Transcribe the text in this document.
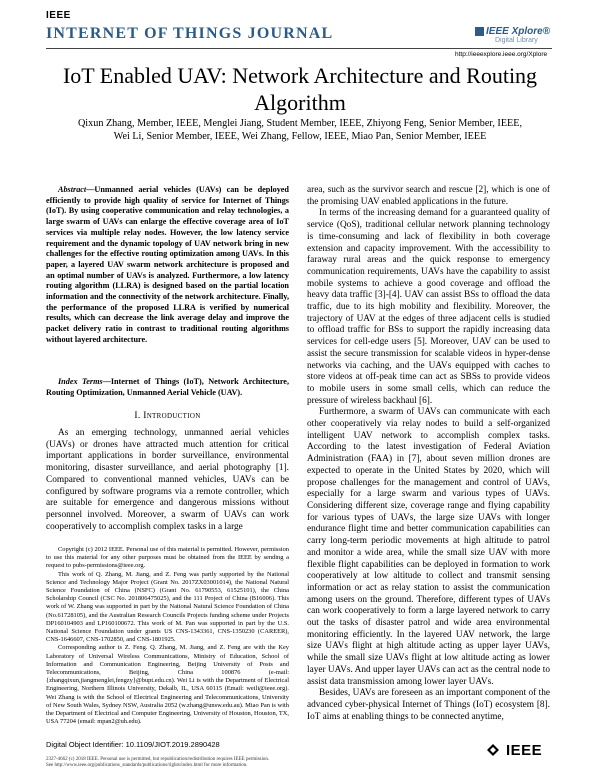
IEEE
INTERNET OF THINGS JOURNAL	IEEE Xplore®
Digital Library
http://ieeexplore.ieee.org/Xplore
IoT Enabled UAV: Network Architecture and Routing Algorithm
Qixun Zhang, Member, IEEE, Menglei Jiang, Student Member, IEEE, Zhiyong Feng, Senior Member, IEEE,
Wei Li, Senior Member, IEEE, Wei Zhang, Fellow, IEEE, Miao Pan, Senior Member, IEEE

Abstract—Unmanned aerial vehicles (UAVs) can be deployed efficiently to provide high quality of service for Internet of Things (IoT). By using cooperative communication and relay technologies, a large swarm of UAVs can enlarge the effective coverage area of IoT services via multiple relay nodes. However, the low latency service requirement and the dynamic topology of UAV network bring in new challenges for the effective routing optimization among UAVs. In this paper, a layered UAV swarm network architecture is proposed and an optimal number of UAVs is analyzed. Furthermore, a low latency routing algorithm (LLRA) is designed based on the partial location information and the connectivity of the network architecture. Finally, the performance of the proposed LLRA is verified by numerical results, which can decrease the link average delay and improve the packet delivery ratio in contrast to traditional routing algorithms without layered architecture.

Index Terms—Internet of Things (IoT), Network Architecture, Routing Optimization, Unmanned Aerial Vehicle (UAV).

I. Introduction

As an emerging technology, unmanned aerial vehicles (UAVs) or drones have attracted much attention for critical important applications in border surveillance, environmental monitoring, disaster surveillance, and aerial photography [1]. Compared to conventional manned vehicles, UAVs can be configured by software programs via a remote controller, which are suitable for emergence and dangerous missions without personnel involved. Moreover, a swarm of UAVs can work cooperatively to accomplish complex tasks in a large

Copyright (c) 2012 IEEE. Personal use of this material is permitted. However, permission to use this material for any other purposes must be obtained from the IEEE by sending a request to pubs-permissions@ieee.org.

This work of Q. Zhang, M. Jiang, and Z. Feng was partly supported by the National Science and Technology Major Project (Grant No. 2017ZX03001014), the National Natural Science Foundation of China (NSFC) (Grant No. 61790553, 61525101), the China Scholarship Council (CSC No. 201806475025), and the 111 Project of China (B16006). This work of W. Zhang was supported in part by the National Natural Science Foundation of China (No.61728105), and the Australian Research Councils Projects funding scheme under Projects DP160104903 and LP160100672. This work of M. Pan was supported in part by the U.S. National Science Foundation under grants US CNS-1343361, CNS-1350230 (CAREER), CNS-1646607, CNS-1702850, and CNS-1801925.

Corresponding author is Z. Feng. Q. Zhang, M. Jiang, and Z. Feng are with the Key Laboratory of Universal Wireless Communications, Ministry of Education, School of Information and Communication Engineering, Beijing University of Posts and Telecommunications, Beijing, China 100876 (e-mail: {zhangqixun,jiangmenglei,fengzy}@bupt.edu.cn). Wei Li is with the Department of Electrical Engineering, Northern Illinois University, Dekalb, IL, USA 60115 (Email: weili@ieee.org). Wei Zhang is with the School of Electrical Engineering and Telecommunications, University of New South Wales, Sydney NSW, Australia 2052 (w.zhang@unsw.edu.au). Miao Pan is with the Department of Electrical and Computer Engineering, University of Houston, Houston, TX, USA 77204 (email: mpan2@uh.edu).

area, such as the survivor search and rescue [2], which is one of the promising UAV enabled applications in the future.

In terms of the increasing demand for a guaranteed quality of service (QoS), traditional cellular network planning technology is time-consuming and lack of flexibility in both coverage extension and capacity improvement. With the accessibility to faraway rural areas and the quick response to emergency communication requirements, UAVs have the capability to assist mobile systems to achieve a good coverage and offload the heavy data traffic [3]-[4]. UAV can assist BSs to offload the data traffic, due to its high mobility and flexibility. Moreover, the trajectory of UAV at the edges of three adjacent cells is studied to offload traffic for BSs to support the rapidly increasing data services for cell-edge users [5]. Moreover, UAV can be used to assist the secure transmission for scalable videos in hyper-dense networks via caching, and the UAVs equipped with caches to store videos at off-peak time can act as SBSs to provide videos to mobile users in some small cells, which can reduce the pressure of wireless backhaul [6].

Furthermore, a swarm of UAVs can communicate with each other cooperatively via relay nodes to build a self-organized intelligent UAV network to accomplish complex tasks. According to the latest investigation of Federal Aviation Administration (FAA) in [7], about seven million drones are expected to operate in the United States by 2020, which will propose challenges for the management and control of UAVs, especially for a large swarm and various types of UAVs. Considering different size, coverage range and flying capability for various types of UAVs, the large size UAVs with longer endurance flight time and better communication capabilities can carry long-term periodic movements at high altitude to patrol and monitor a wide area, while the small size UAV with more flexible flight capabilities can be deployed in formation to work cooperatively at low altitude to collect and transmit sensing information or act as relay station to assist the communication among users on the ground. Therefore, different types of UAVs can work cooperatively to form a large layered network to carry out the tasks of disaster patrol and wide area environmental monitoring efficiently. In the layered UAV network, the large size UAVs flight at high altitude acting as upper layer UAVs, while the small size UAVs flight at low altitude acting as lower layer UAVs. And upper layer UAVs can act as the central node to assist data transmission among lower layer UAVs.

Besides, UAVs are foreseen as an important component of the advanced cyber-physical Internet of Things (IoT) ecosystem [8]. IoT aims at enabling things to be connected anytime,

Digital Object Identifier: 10.1109/JIOT.2019.2890428
2327-4662 (c) 2018 IEEE. Personal use is permitted, but republication/redistribution requires IEEE permission.
See http://www.ieee.org/publications_standards/publications/rights/index.html for more information.
IEEE
